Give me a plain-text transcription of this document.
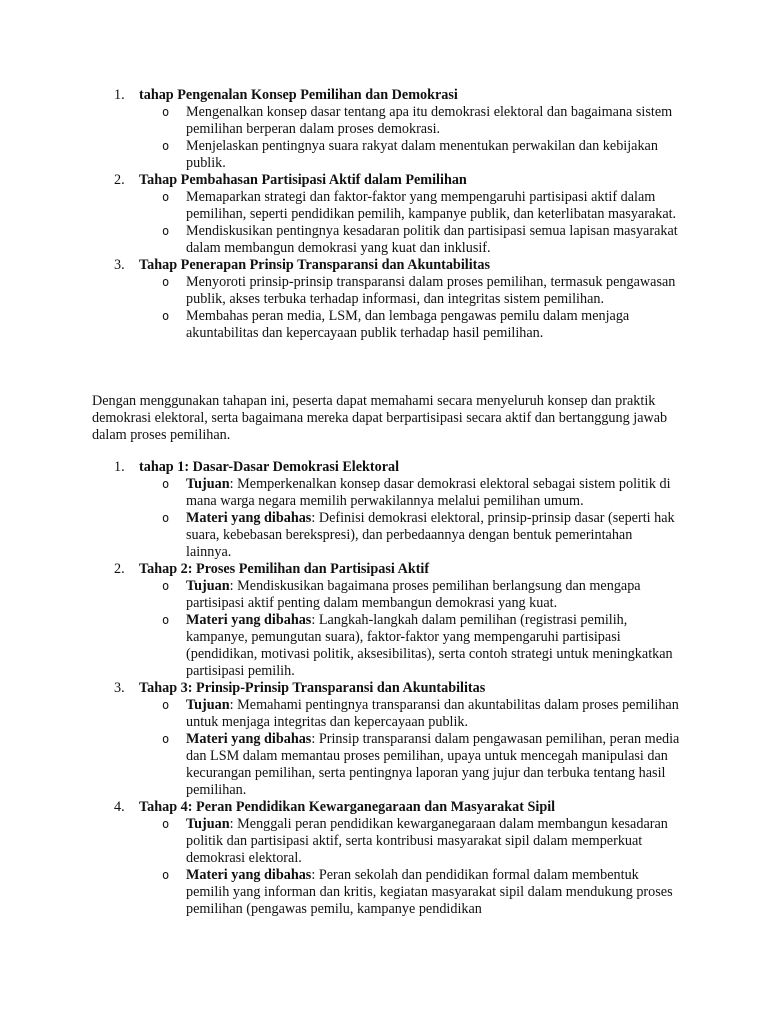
1.	tahap Pengenalan Konsep Pemilihan dan Demokrasi
o Mengenalkan konsep dasar tentang apa itu demokrasi elektoral dan bagaimana sistem pemilihan berperan dalam proses demokrasi.
o Menjelaskan pentingnya suara rakyat dalam menentukan perwakilan dan kebijakan publik.
2.	Tahap Pembahasan Partisipasi Aktif dalam Pemilihan
o Memaparkan strategi dan faktor-faktor yang mempengaruhi partisipasi aktif dalam pemilihan, seperti pendidikan pemilih, kampanye publik, dan keterlibatan masyarakat.
o Mendiskusikan pentingnya kesadaran politik dan partisipasi semua lapisan masyarakat dalam membangun demokrasi yang kuat dan inklusif.
3.	Tahap Penerapan Prinsip Transparansi dan Akuntabilitas
o Menyoroti prinsip-prinsip transparansi dalam proses pemilihan, termasuk pengawasan publik, akses terbuka terhadap informasi, dan integritas sistem pemilihan.
o Membahas peran media, LSM, dan lembaga pengawas pemilu dalam menjaga akuntabilitas dan kepercayaan publik terhadap hasil pemilihan.

Dengan menggunakan tahapan ini, peserta dapat memahami secara menyeluruh konsep dan praktik demokrasi elektoral, serta bagaimana mereka dapat berpartisipasi secara aktif dan bertanggung jawab dalam proses pemilihan.

1.	tahap 1: Dasar-Dasar Demokrasi Elektoral
o Tujuan: Memperkenalkan konsep dasar demokrasi elektoral sebagai sistem politik di mana warga negara memilih perwakilannya melalui pemilihan umum.
o Materi yang dibahas: Definisi demokrasi elektoral, prinsip-prinsip dasar (seperti hak suara, kebebasan berekspresi), dan perbedaannya dengan bentuk pemerintahan lainnya.
2.	Tahap 2: Proses Pemilihan dan Partisipasi Aktif
o Tujuan: Mendiskusikan bagaimana proses pemilihan berlangsung dan mengapa partisipasi aktif penting dalam membangun demokrasi yang kuat.
o Materi yang dibahas: Langkah-langkah dalam pemilihan (registrasi pemilih, kampanye, pemungutan suara), faktor-faktor yang mempengaruhi partisipasi (pendidikan, motivasi politik, aksesibilitas), serta contoh strategi untuk meningkatkan partisipasi pemilih.
3.	Tahap 3: Prinsip-Prinsip Transparansi dan Akuntabilitas
o Tujuan: Memahami pentingnya transparansi dan akuntabilitas dalam proses pemilihan untuk menjaga integritas dan kepercayaan publik.
o Materi yang dibahas: Prinsip transparansi dalam pengawasan pemilihan, peran media dan LSM dalam memantau proses pemilihan, upaya untuk mencegah manipulasi dan kecurangan pemilihan, serta pentingnya laporan yang jujur dan terbuka tentang hasil pemilihan.
4.	Tahap 4: Peran Pendidikan Kewarganegaraan dan Masyarakat Sipil
o Tujuan: Menggali peran pendidikan kewarganegaraan dalam membangun kesadaran politik dan partisipasi aktif, serta kontribusi masyarakat sipil dalam memperkuat demokrasi elektoral.
o Materi yang dibahas: Peran sekolah dan pendidikan formal dalam membentuk pemilih yang informan dan kritis, kegiatan masyarakat sipil dalam mendukung proses pemilihan (pengawas pemilu, kampanye pendidikan
